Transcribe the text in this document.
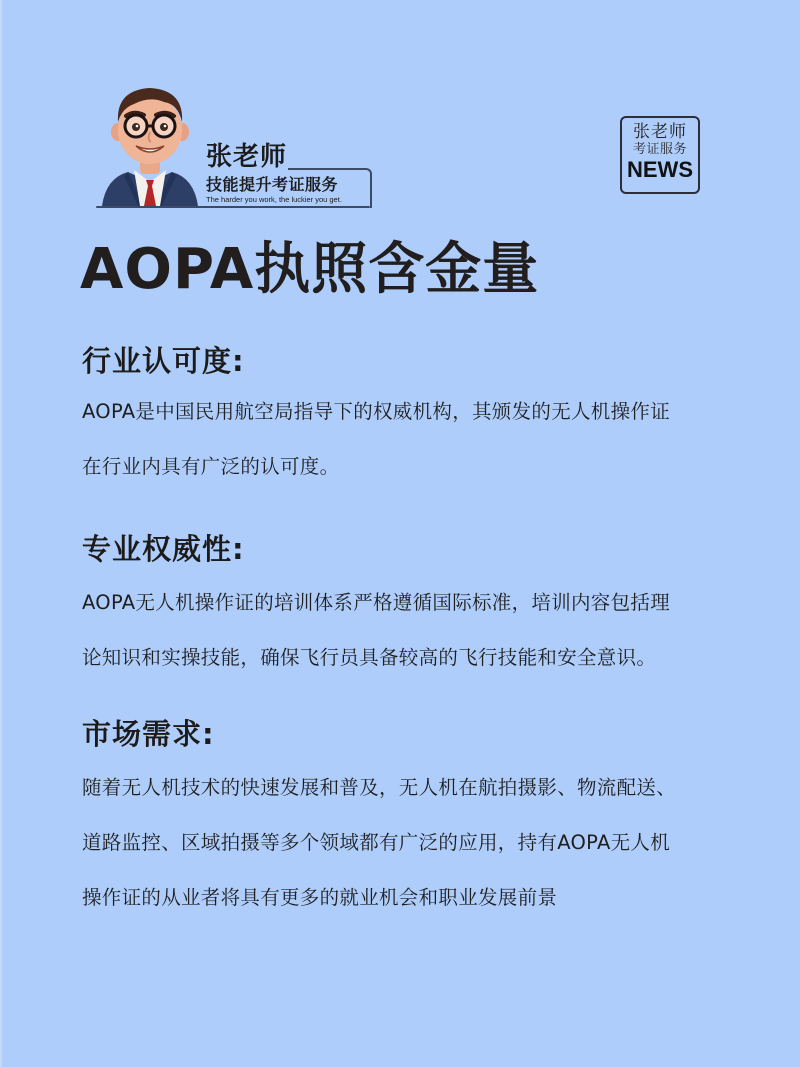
张老师
技能提升考证服务
The harder you work, the luckier you get.
张老师
考证服务
NEWS
AOPA执照含金量
行业认可度:
AOPA是中国民用航空局指导下的权威机构，其颁发的无人机操作证
在行业内具有广泛的认可度。
专业权威性:
AOPA无人机操作证的培训体系严格遵循国际标准，培训内容包括理
论知识和实操技能，确保飞行员具备较高的飞行技能和安全意识。
市场需求:
随着无人机技术的快速发展和普及，无人机在航拍摄影、物流配送、
道路监控、区域拍摄等多个领域都有广泛的应用，持有AOPA无人机
操作证的从业者将具有更多的就业机会和职业发展前景
